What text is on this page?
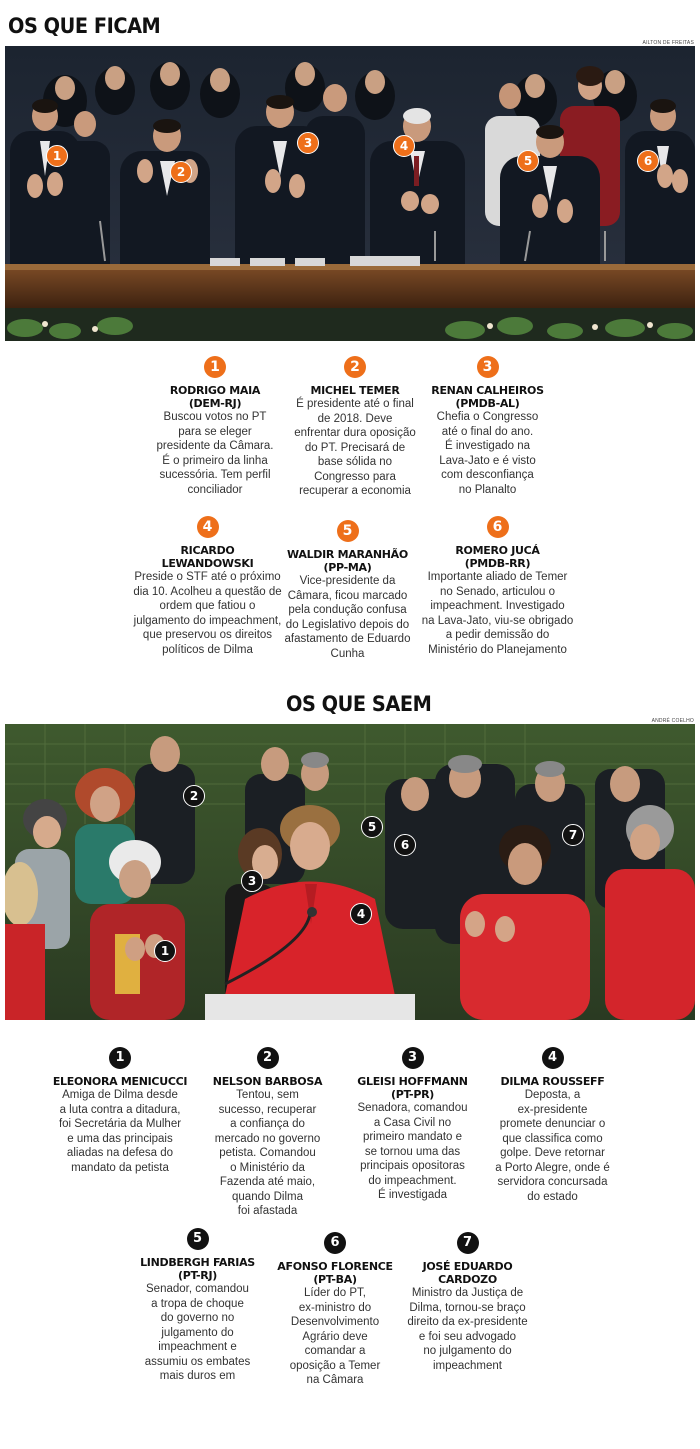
OS QUE FICAM
AILTON DE FREITAS
1
2
3	4
5	6
1
RODRIGO MAIA
(DEM-RJ)
Buscou votos no PT
para se eleger
presidente da Câmara.
É o primeiro da linha
sucessória. Tem perfil
conciliador
2
MICHEL TEMER
É presidente até o final
de 2018. Deve
enfrentar dura oposição
do PT. Precisará de
base sólida no
Congresso para
recuperar a economia
3
RENAN CALHEIROS
(PMDB-AL)
Chefia o Congresso
até o final do ano.
É investigado na
Lava-Jato e é visto
com desconfiança
no Planalto
4
RICARDO
LEWANDOWSKI
Preside o STF até o próximo
dia 10. Acolheu a questão de
ordem que fatiou o
julgamento do impeachment,
que preservou os direitos
políticos de Dilma
5
WALDIR MARANHÃO
(PP-MA)
Vice-presidente da
Câmara, ficou marcado
pela condução confusa
do Legislativo depois do
afastamento de Eduardo
Cunha
6
ROMERO JUCÁ
(PMDB-RR)
Importante aliado de Temer
no Senado, articulou o
impeachment. Investigado
na Lava-Jato, viu-se obrigado
a pedir demissão do
Ministério do Planejamento
OS QUE SAEM
ANDRÉ COELHO
1
2
3
4
5
6
7
1
ELEONORA MENICUCCI
Amiga de Dilma desde
a luta contra a ditadura,
foi Secretária da Mulher
e uma das principais
aliadas na defesa do
mandato da petista
2
NELSON BARBOSA
Tentou, sem
sucesso, recuperar
a confiança do
mercado no governo
petista. Comandou
o Ministério da
Fazenda até maio,
quando Dilma
foi afastada
3
GLEISI HOFFMANN
(PT-PR)
Senadora, comandou
a Casa Civil no
primeiro mandato e
se tornou uma das
principais opositoras
do impeachment.
É investigada
4
DILMA ROUSSEFF
Deposta, a
ex-presidente
promete denunciar o
que classifica como
golpe. Deve retornar
a Porto Alegre, onde é
servidora concursada
do estado
5
LINDBERGH FARIAS
(PT-RJ)
Senador, comandou
a tropa de choque
do governo no
julgamento do
impeachment e
assumiu os embates
mais duros em
6
AFONSO FLORENCE
(PT-BA)
Líder do PT,
ex-ministro do
Desenvolvimento
Agrário deve
comandar a
oposição a Temer
na Câmara
7
JOSÉ EDUARDO
CARDOZO
Ministro da Justiça de
Dilma, tornou-se braço
direito da ex-presidente
e foi seu advogado
no julgamento do
impeachment
